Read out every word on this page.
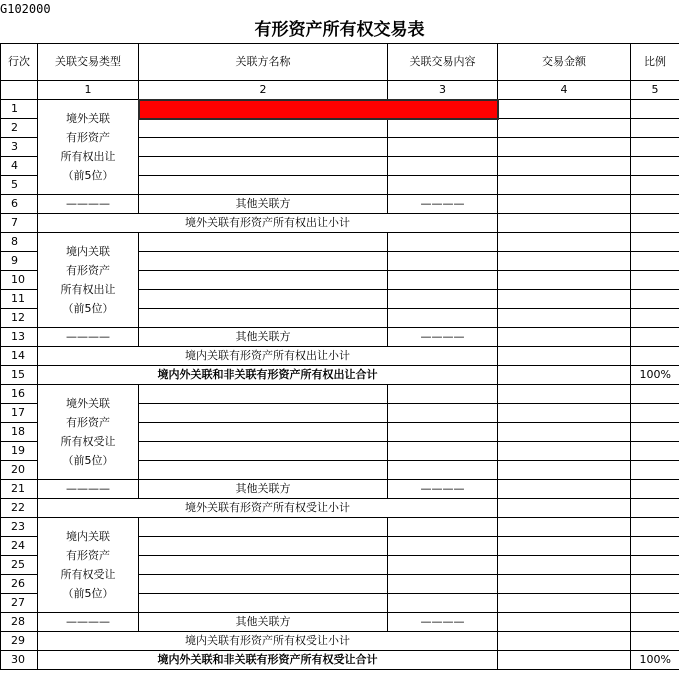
G102000
有形资产所有权交易表
行次	关联交易类型	关联方名称	关联交易内容	交易金额	比例
	1	2	3	4	5
1	境外关联
有形资产
所有权出让
（前5位）				

2					
3					
4					
5					
6	————	其他关联方	————		
7	境外关联有形资产所有权出让小计				
8	境内关联
有形资产
所有权出让
（前5位）				

9					
10					
11					
12					
13	————	其他关联方	————		
14	境内关联有形资产所有权出让小计				
15	境内外关联和非关联有形资产所有权出让合计				100%
16	境外关联
有形资产
所有权受让
（前5位）				

17					
18					
19					
20					
21	————	其他关联方	————		
22	境外关联有形资产所有权受让小计				
23	境内关联
有形资产
所有权受让
（前5位）				

24					
25					
26					
27					
28	————	其他关联方	————		
29	境内关联有形资产所有权受让小计				
30	境内外关联和非关联有形资产所有权受让合计				100%
